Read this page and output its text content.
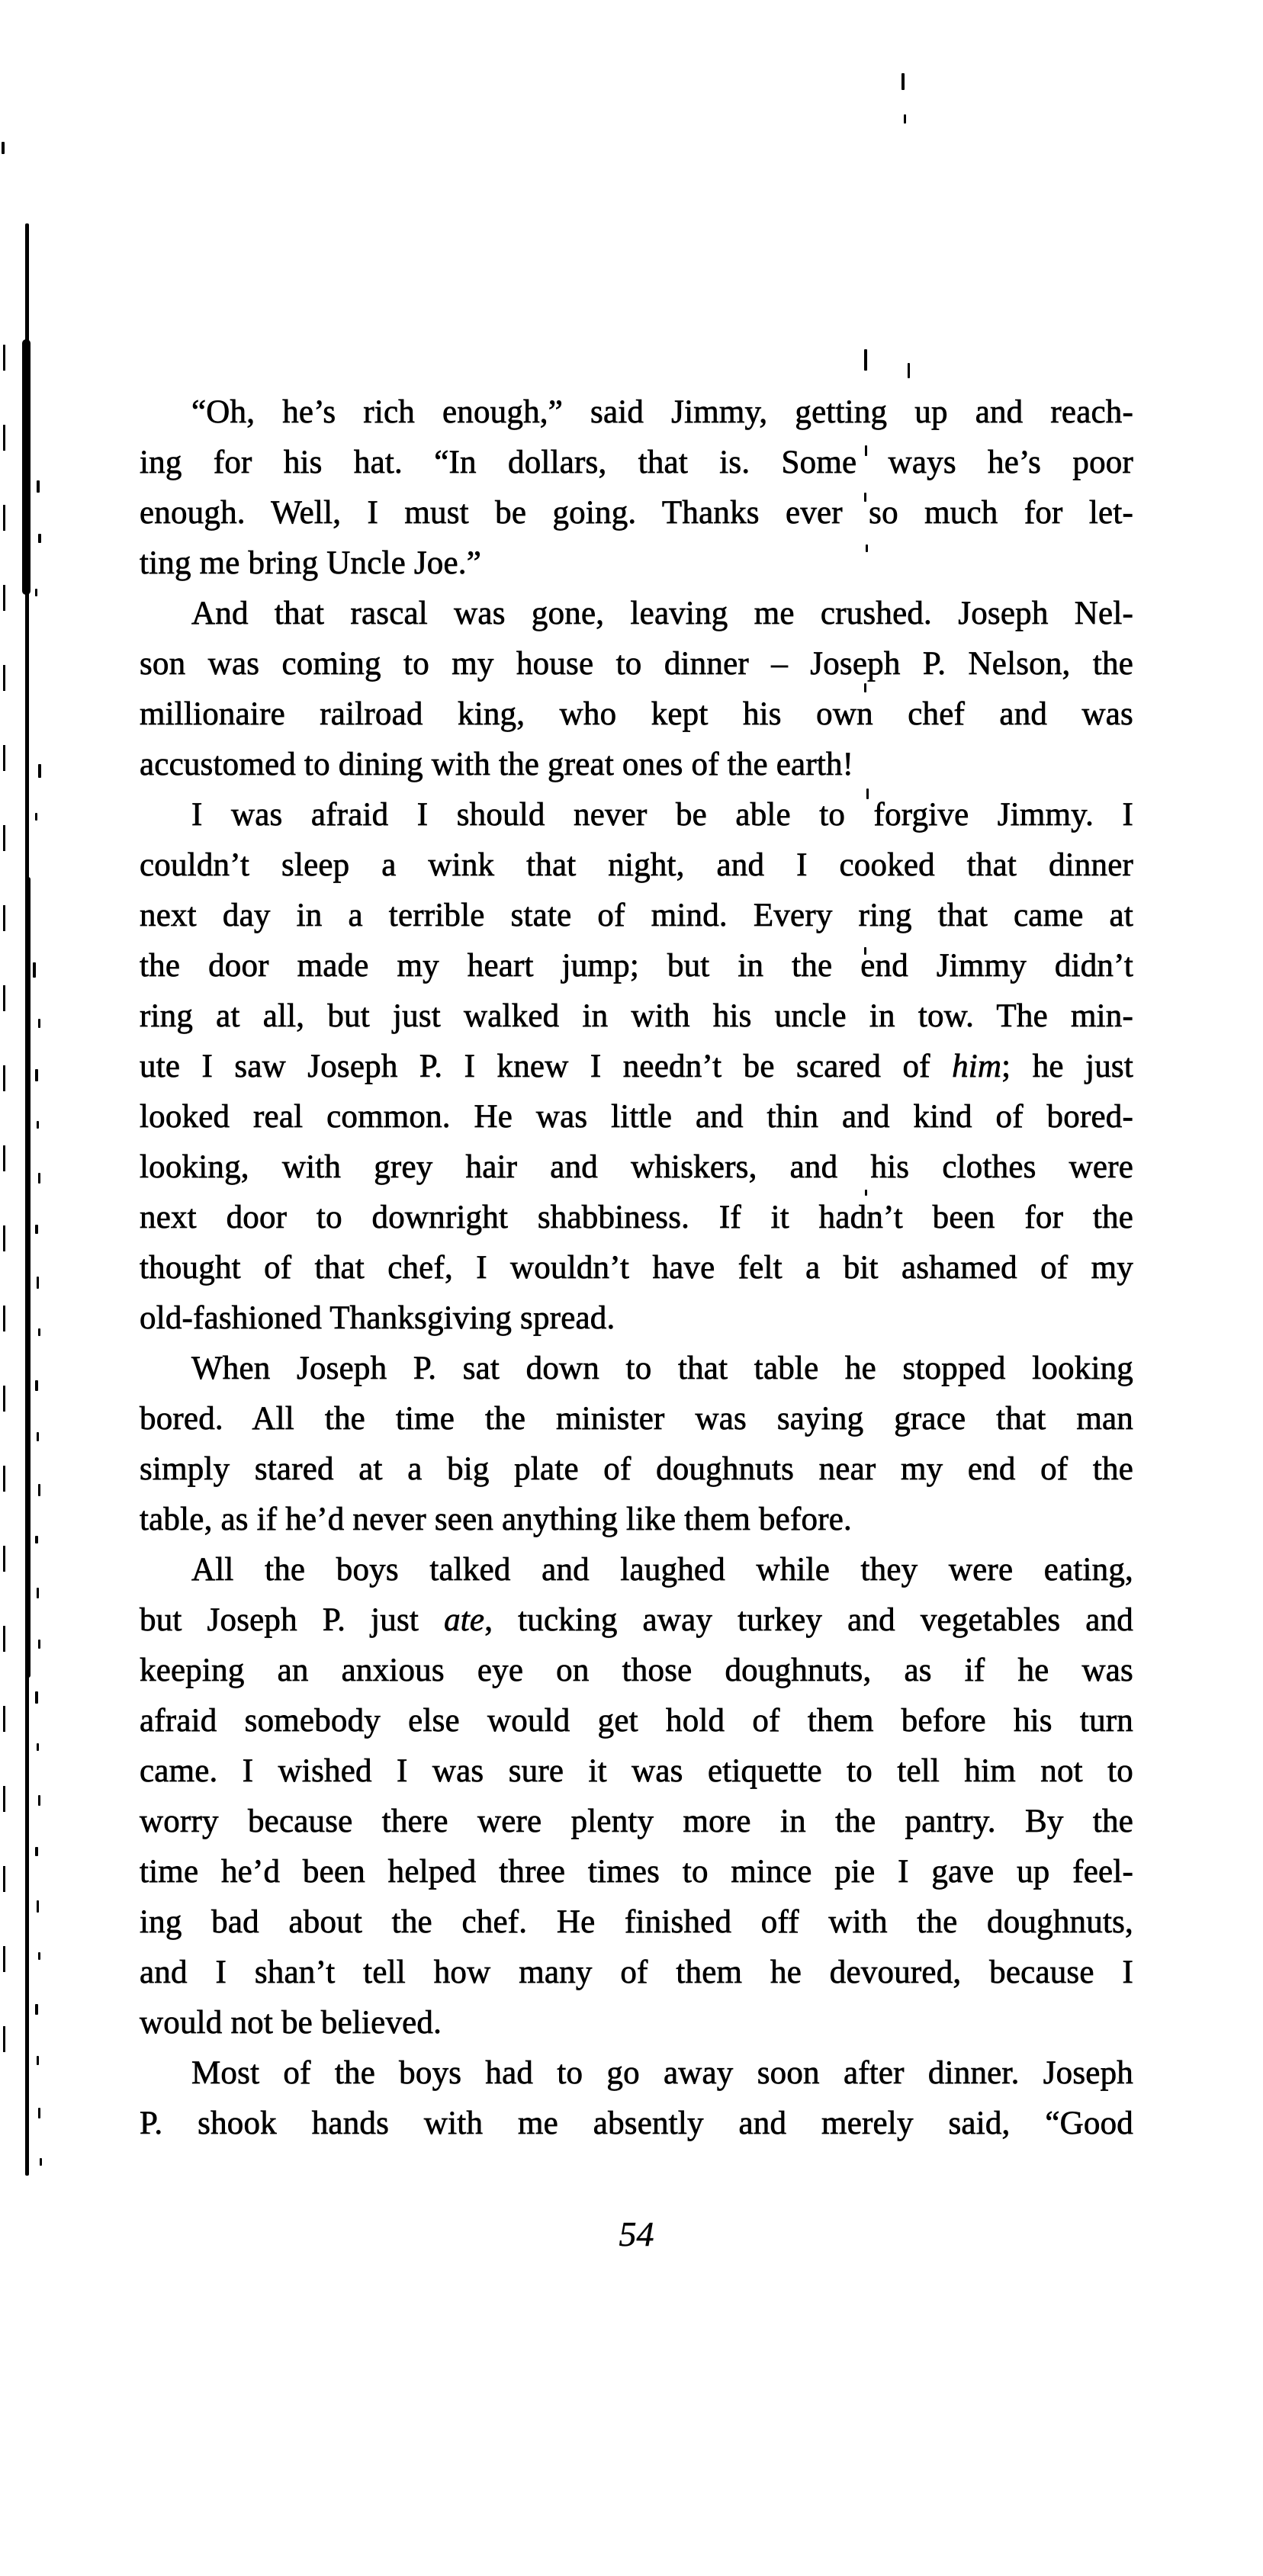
“Oh, he’s rich enough,” said Jimmy, getting up and reach-
ing for his hat. “In dollars, that is. Some ways he’s poor
enough. Well, I must be going. Thanks ever so much for let-
ting me bring Uncle Joe.”
And that rascal was gone, leaving me crushed. Joseph Nel-
son was coming to my house to dinner – Joseph P. Nelson, the
millionaire railroad king, who kept his own chef and was
accustomed to dining with the great ones of the earth!
I was afraid I should never be able to forgive Jimmy. I
couldn’t sleep a wink that night, and I cooked that dinner
next day in a terrible state of mind. Every ring that came at
the door made my heart jump; but in the end Jimmy didn’t
ring at all, but just walked in with his uncle in tow. The min-
ute I saw Joseph P. I knew I needn’t be scared of him; he just
looked real common. He was little and thin and kind of bored-
looking, with grey hair and whiskers, and his clothes were
next door to downright shabbiness. If it hadn’t been for the
thought of that chef, I wouldn’t have felt a bit ashamed of my
old-fashioned Thanksgiving spread.
When Joseph P. sat down to that table he stopped looking
bored. All the time the minister was saying grace that man
simply stared at a big plate of doughnuts near my end of the
table, as if he’d never seen anything like them before.
All the boys talked and laughed while they were eating,
but Joseph P. just ate, tucking away turkey and vegetables and
keeping an anxious eye on those doughnuts, as if he was
afraid somebody else would get hold of them before his turn
came. I wished I was sure it was etiquette to tell him not to
worry because there were plenty more in the pantry. By the
time he’d been helped three times to mince pie I gave up feel-
ing bad about the chef. He finished off with the doughnuts,
and I shan’t tell how many of them he devoured, because I
would not be believed.
Most of the boys had to go away soon after dinner. Joseph
P. shook hands with me absently and merely said, “Good
54
